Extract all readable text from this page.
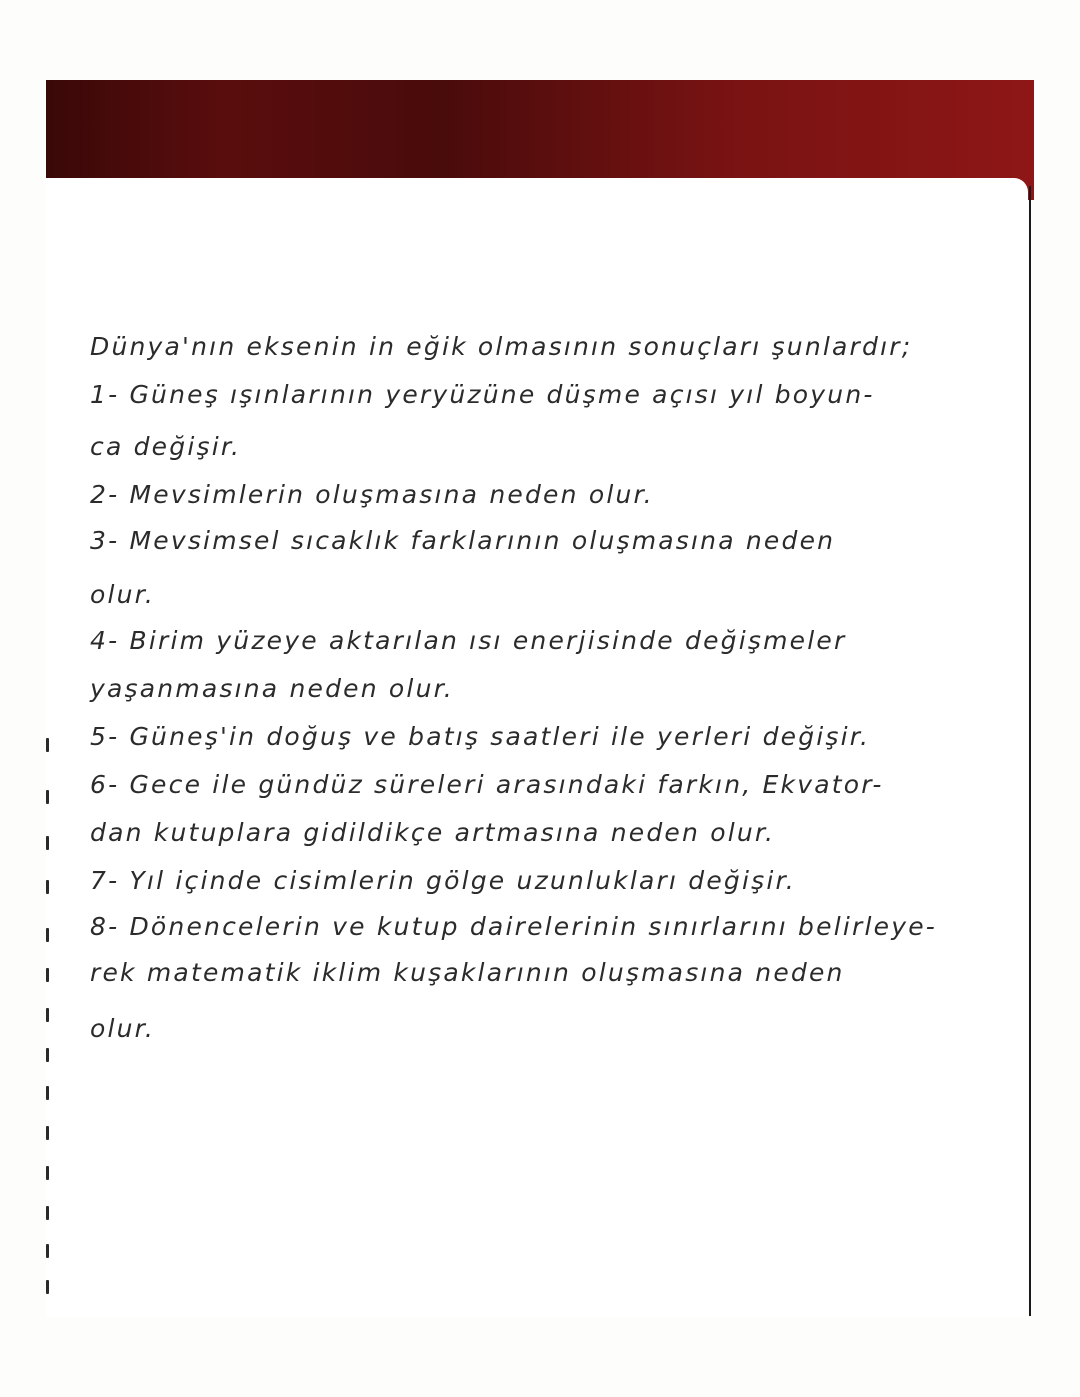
Dünya'nın eksenin in eğik olmasının sonuçları şunlardır;
1- Güneş ışınlarının yeryüzüne düşme açısı yıl boyun-
ca değişir.
2- Mevsimlerin oluşmasına neden olur.
3- Mevsimsel sıcaklık farklarının oluşmasına neden
olur.
4- Birim yüzeye aktarılan ısı enerjisinde değişmeler
yaşanmasına neden olur.
5- Güneş'in doğuş ve batış saatleri ile yerleri değişir.
6- Gece ile gündüz süreleri arasındaki farkın, Ekvator-
dan kutuplara gidildikçe artmasına neden olur.
7- Yıl içinde cisimlerin gölge uzunlukları değişir.
8- Dönencelerin ve kutup dairelerinin sınırlarını belirleye-
rek matematik iklim kuşaklarının oluşmasına neden
olur.
